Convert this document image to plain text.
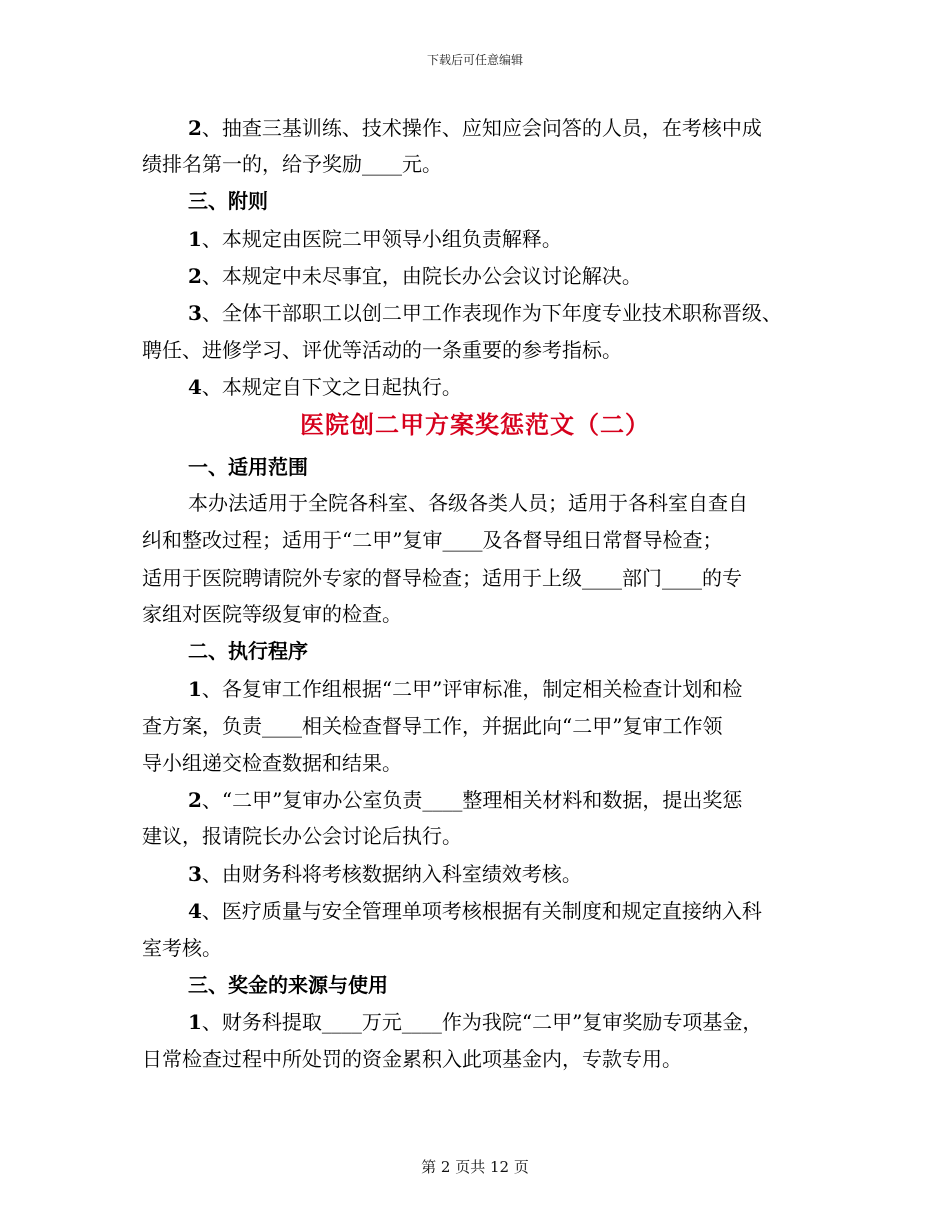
下载后可任意编辑
2、抽查三基训练、技术操作、应知应会问答的人员，在考核中成
绩排名第一的，给予奖励____元。
三、附则
1、本规定由医院二甲领导小组负责解释。
2、本规定中未尽事宜，由院长办公会议讨论解决。
3、全体干部职工以创二甲工作表现作为下年度专业技术职称晋级、
聘任、进修学习、评优等活动的一条重要的参考指标。
4、本规定自下文之日起执行。
医院创二甲方案奖惩范文（二）
一、适用范围
本办法适用于全院各科室、各级各类人员；适用于各科室自查自
纠和整改过程；适用于“二甲”复审____及各督导组日常督导检查；
适用于医院聘请院外专家的督导检查；适用于上级____部门____的专
家组对医院等级复审的检查。
二、执行程序
1、各复审工作组根据“二甲”评审标准，制定相关检查计划和检
查方案，负责____相关检查督导工作，并据此向“二甲”复审工作领
导小组递交检查数据和结果。
2、“二甲”复审办公室负责____整理相关材料和数据，提出奖惩
建议，报请院长办公会讨论后执行。
3、由财务科将考核数据纳入科室绩效考核。
4、医疗质量与安全管理单项考核根据有关制度和规定直接纳入科
室考核。
三、奖金的来源与使用
1、财务科提取____万元____作为我院“二甲”复审奖励专项基金，
日常检查过程中所处罚的资金累积入此项基金内，专款专用。
第 2 页共 12 页
